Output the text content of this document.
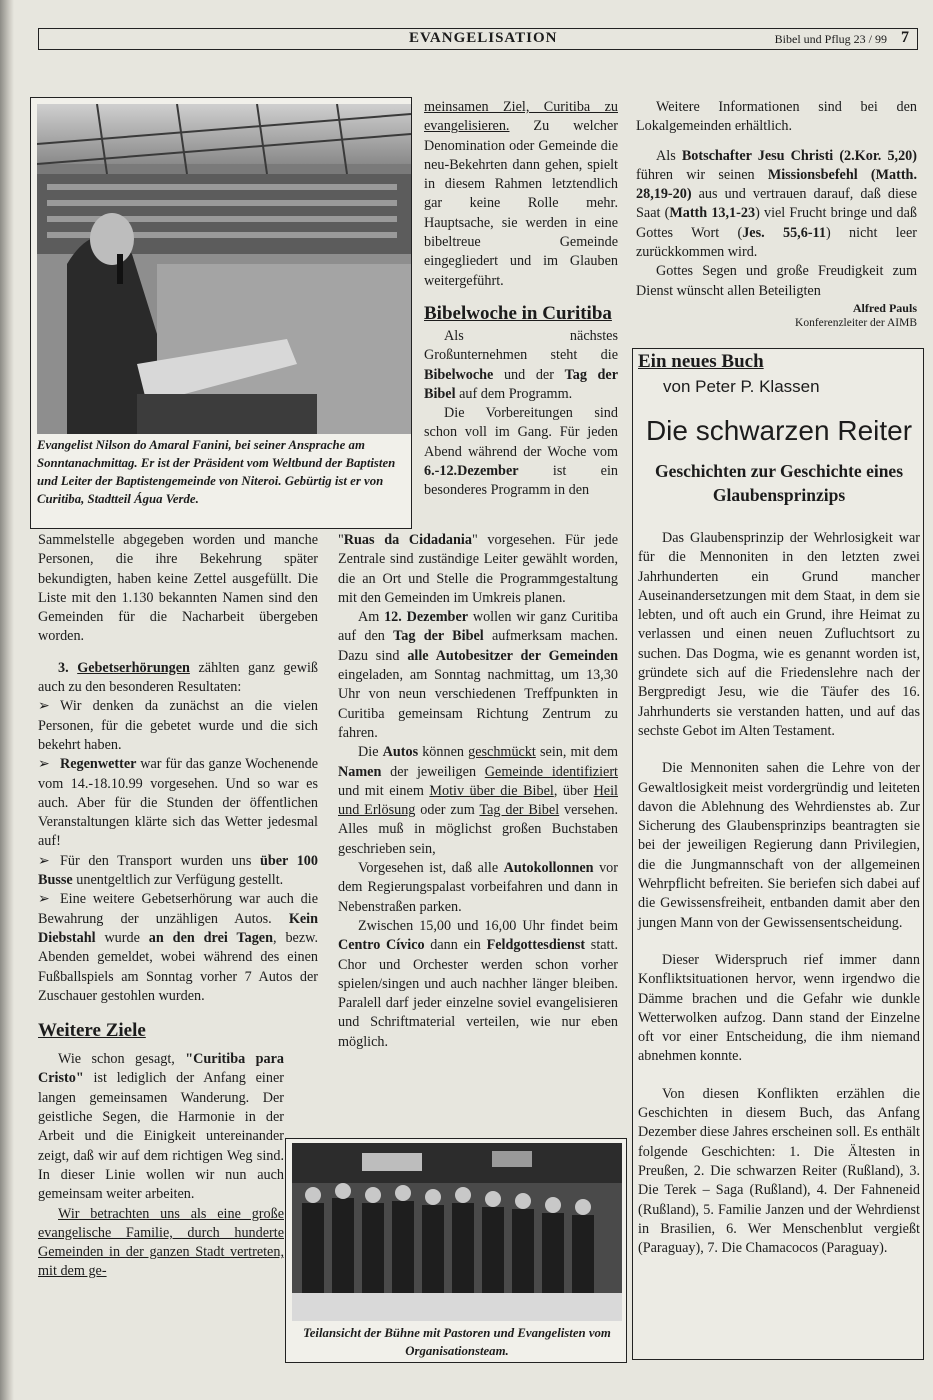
EVANGELISATION	Bibel und Pflug 23 / 99 7
Evangelist Nilson do Amaral Fanini, bei seiner Ansprache am Sonntanachmittag. Er ist der Präsident vom Weltbund der Baptisten und Leiter der Baptistengemeinde von Niteroi. Gebürtig ist er von Curitiba, Stadtteil Água Verde.

Sammelstelle abgegeben worden und manche Personen, die ihre Bekehrung später bekundigten, haben keine Zettel ausgefüllt. Die Liste mit den 1.130 bekannten Namen sind den Gemeinden für die Nacharbeit übergeben worden.

3. Gebetserhörungen zählten ganz gewiß auch zu den besonderen Resultaten:

➢ Wir denken da zunächst an die vielen Personen, für die gebetet wurde und die sich bekehrt haben.

➢ Regenwetter war für das ganze Wochenende vom 14.-18.10.99 vorgesehen. Und so war es auch. Aber für die Stunden der öffentlichen Veranstaltungen klärte sich das Wetter jedesmal auf!

➢ Für den Transport wurden uns über 100 Busse unentgeltlich zur Verfügung gestellt.

➢ Eine weitere Gebetserhörung war auch die Bewahrung der unzähligen Autos. Kein Diebstahl wurde an den drei Tagen, bezw. Abenden gemeldet, wobei während des einen Fußballspiels am Sonntag vorher 7 Autos der Zuschauer gestohlen wurden.

Weitere Ziele

Wie schon gesagt, "Curitiba para Cristo" ist lediglich der Anfang einer langen gemeinsamen Wanderung. Der geistliche Segen, die Harmonie in der Arbeit und die Einigkeit untereinander zeigt, daß wir auf dem richtigen Weg sind. In dieser Linie wollen wir nun auch gemeinsam weiter arbeiten.

Wir betrachten uns als eine große evangelische Familie, durch hunderte Gemeinden in der ganzen Stadt vertreten, mit dem ge-

meinsamen Ziel, Curitiba zu evangelisieren. Zu welcher Denomination oder Gemeinde die neu-Bekehrten dann gehen, spielt in diesem Rahmen letztendlich gar keine Rolle mehr. Hauptsache, sie werden in eine bibeltreue Gemeinde eingegliedert und im Glauben weitergeführt.

Bibelwoche in Curitiba

Als nächstes Großunternehmen steht die Bibelwoche und der Tag der Bibel auf dem Programm.

Die Vorbereitungen sind schon voll im Gang. Für jeden Abend während der Woche vom 6.-12.Dezember ist ein besonderes Programm in den

"Ruas da Cidadania" vorgesehen. Für jede Zentrale sind zuständige Leiter gewählt worden, die an Ort und Stelle die Programmgestaltung mit den Gemeinden im Umkreis planen.

Am 12. Dezember wollen wir ganz Curitiba auf den Tag der Bibel aufmerksam machen. Dazu sind alle Autobesitzer der Gemeinden eingeladen, am Sonntag nachmittag, um 13,30 Uhr von neun verschiedenen Treffpunkten in Curitiba gemeinsam Richtung Zentrum zu fahren.

Die Autos können geschmückt sein, mit dem Namen der jeweiligen Gemeinde identifiziert und mit einem Motiv über die Bibel, über Heil und Erlösung oder zum Tag der Bibel versehen. Alles muß in möglichst großen Buchstaben geschrieben sein,

Vorgesehen ist, daß alle Autokollonnen vor dem Regierungspalast vorbeifahren und dann in Nebenstraßen parken.

Zwischen 15,00 und 16,00 Uhr findet beim Centro Cívico dann ein Feldgottesdienst statt. Chor und Orchester werden schon vorher spielen/singen und auch nachher länger bleiben. Paralell darf jeder einzelne soviel evangelisieren und Schriftmaterial verteilen, wie nur eben möglich.

Teilansicht der Bühne mit Pastoren und Evangelisten vom Organisationsteam.

Weitere Informationen sind bei den Lokalgemeinden erhältlich.

Als Botschafter Jesu Christi (2.Kor. 5,20) führen wir seinen Missionsbefehl (Matth. 28,19-20) aus und vertrauen darauf, daß diese Saat (Matth 13,1-23) viel Frucht bringe und daß Gottes Wort (Jes. 55,6-11) nicht leer zurückkommen wird.

Gottes Segen und große Freudigkeit zum Dienst wünscht allen Beteiligten

Alfred Pauls

Konferenzleiter der AIMB

Ein neues Buch
von Peter P. Klassen
Die schwarzen Reiter
Geschichten zur Geschichte eines Glaubensprinzips

Das Glaubensprinzip der Wehrlosigkeit war für die Mennoniten in den letzten zwei Jahrhunderten ein Grund mancher Auseinandersetzungen mit dem Staat, in dem sie lebten, und oft auch ein Grund, ihre Heimat zu verlassen und einen neuen Zufluchtsort zu suchen. Das Dogma, wie es genannt worden ist, gründete sich auf die Friedenslehre nach der Bergpredigt Jesu, wie die Täufer des 16. Jahrhunderts sie verstanden hatten, und auf das sechste Gebot im Alten Testament.

Die Mennoniten sahen die Lehre von der Gewaltlosigkeit meist vordergründig und leiteten davon die Ablehnung des Wehrdienstes ab. Zur Sicherung des Glaubensprinzips beantragten sie bei der jeweiligen Regierung dann Privilegien, die die Jungmannschaft von der allgemeinen Wehrpflicht befreiten. Sie beriefen sich dabei auf die Gewissensfreiheit, entbanden damit aber den jungen Mann von der Gewissensentscheidung.

Dieser Widerspruch rief immer dann Konfliktsituationen hervor, wenn irgendwo die Dämme brachen und die Gefahr wie dunkle Wetterwolken aufzog. Dann stand der Einzelne oft vor einer Entscheidung, die ihm niemand abnehmen konnte.

Von diesen Konflikten erzählen die Geschichten in diesem Buch, das Anfang Dezember diese Jahres erscheinen soll. Es enthält folgende Geschichten: 1. Die Ältesten in Preußen, 2. Die schwarzen Reiter (Rußland), 3. Die Terek – Saga (Rußland), 4. Der Fahneneid (Rußland), 5. Familie Janzen und der Wehrdienst in Brasilien, 6. Wer Menschenblut vergießt (Paraguay), 7. Die Chamacocos (Paraguay).
